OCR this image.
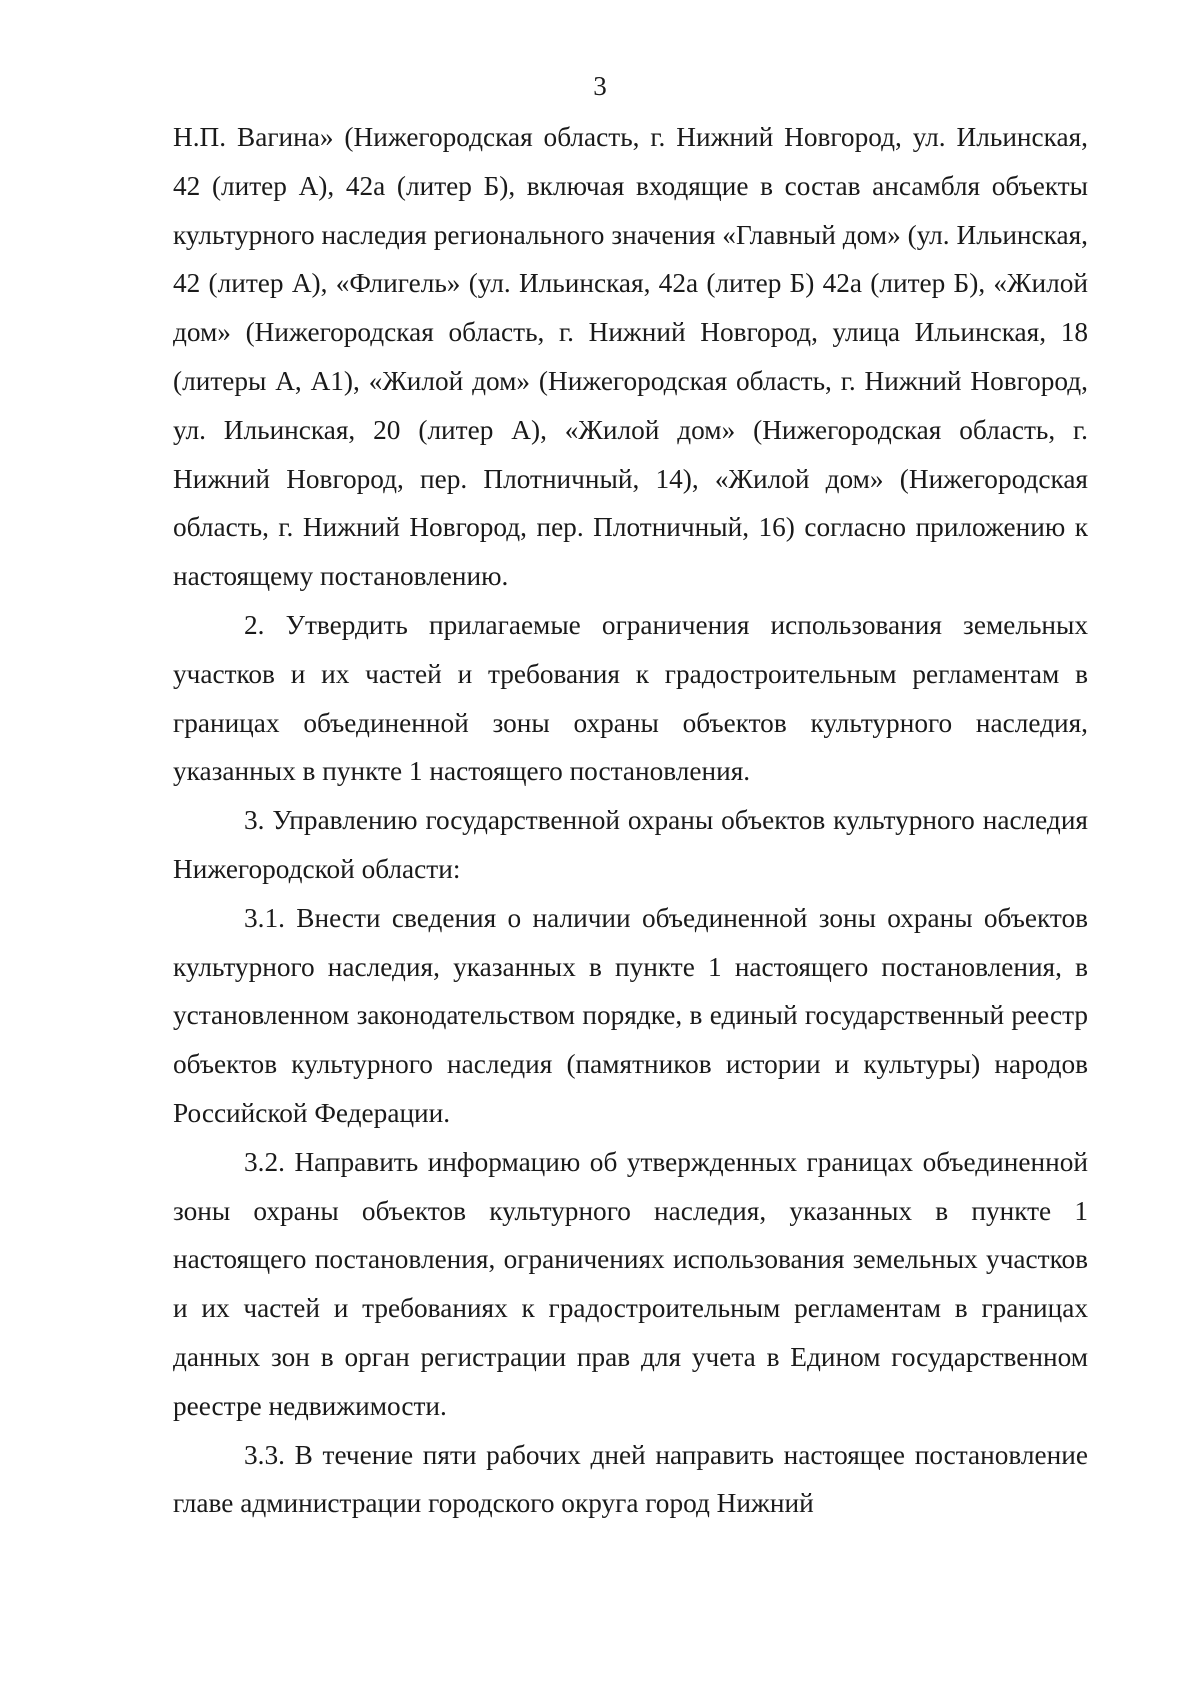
3

Н.П. Вагина» (Нижегородская область, г. Нижний Новгород, ул. Ильинская, 42 (литер А), 42а (литер Б), включая входящие в состав ансамбля объекты культурного наследия регионального значения «Главный дом» (ул. Ильинская, 42 (литер А), «Флигель» (ул. Ильинская, 42а (литер Б) 42а (литер Б), «Жилой дом» (Нижегородская область, г. Нижний Новгород, улица Ильинская, 18 (литеры А, А1), «Жилой дом» (Нижегородская область, г. Нижний Новгород, ул. Ильинская, 20 (литер А), «Жилой дом» (Нижегородская область, г. Нижний Новгород, пер. Плотничный, 14), «Жилой дом» (Нижегородская область, г. Нижний Новгород, пер. Плотничный, 16) согласно приложению к настоящему постановлению.

2. Утвердить прилагаемые ограничения использования земельных участков и их частей и требования к градостроительным регламентам в границах объединенной зоны охраны объектов культурного наследия, указанных в пункте 1 настоящего постановления.

3. Управлению государственной охраны объектов культурного наследия Нижегородской области:

3.1. Внести сведения о наличии объединенной зоны охраны объектов культурного наследия, указанных в пункте 1 настоящего постановления, в установленном законодательством порядке, в единый государственный реестр объектов культурного наследия (памятников истории и культуры) народов Российской Федерации.

3.2. Направить информацию об утвержденных границах объединенной зоны охраны объектов культурного наследия, указанных в пункте 1 настоящего постановления, ограничениях использования земельных участков и их частей и требованиях к градостроительным регламентам в границах данных зон в орган регистрации прав для учета в Едином государственном реестре недвижимости.

3.3. В течение пяти рабочих дней направить настоящее постановление главе администрации городского округа город Нижний
